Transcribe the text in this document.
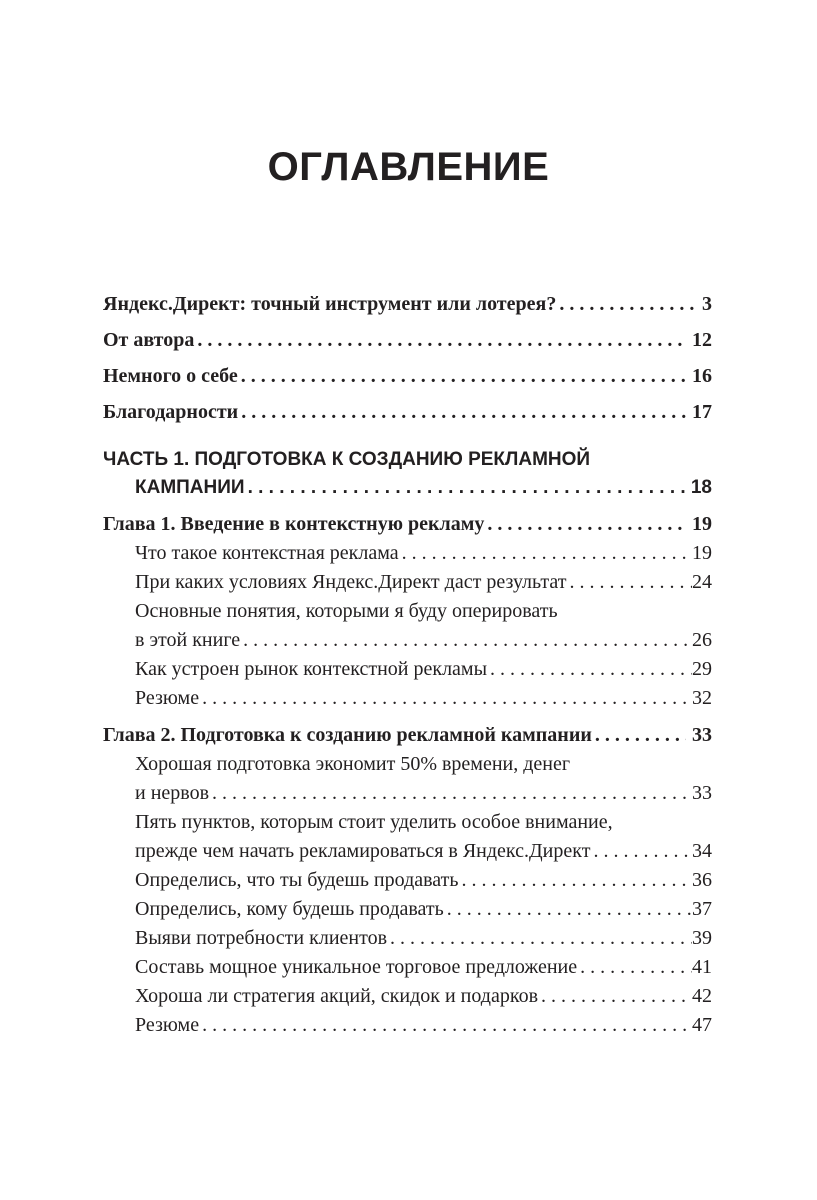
ОГЛАВЛЕНИЕ
Яндекс.Директ: точный инструмент или лотерея? . . .	3
От автора . . .	12
Немного о себе . . .	16
Благодарности . . .	17
ЧАСТЬ 1. ПОДГОТОВКА К СОЗДАНИЮ РЕКЛАМНОЙ
КАМПАНИИ . . .	18
Глава 1. Введение в контекстную рекламу . . .	19
Что такое контекстная реклама . . .	19
При каких условиях Яндекс.Директ даст результат . . .	24
Основные понятия, которыми я буду оперировать
в этой книге . . .	26
Как устроен рынок контекстной рекламы . . .	29
Резюме . . .	32
Глава 2. Подготовка к созданию рекламной кампании . . .	33
Хорошая подготовка экономит 50% времени, денег
и нервов . . .	33
Пять пунктов, которым стоит уделить особое внимание,
прежде чем начать рекламироваться в Яндекс.Директ . . .	34
Определись, что ты будешь продавать . . .	36
Определись, кому будешь продавать . . .	37
Выяви потребности клиентов . . .	39
Составь мощное уникальное торговое предложение . . .	41
Хороша ли стратегия акций, скидок и подарков . . .	42
Резюме . . .	47
